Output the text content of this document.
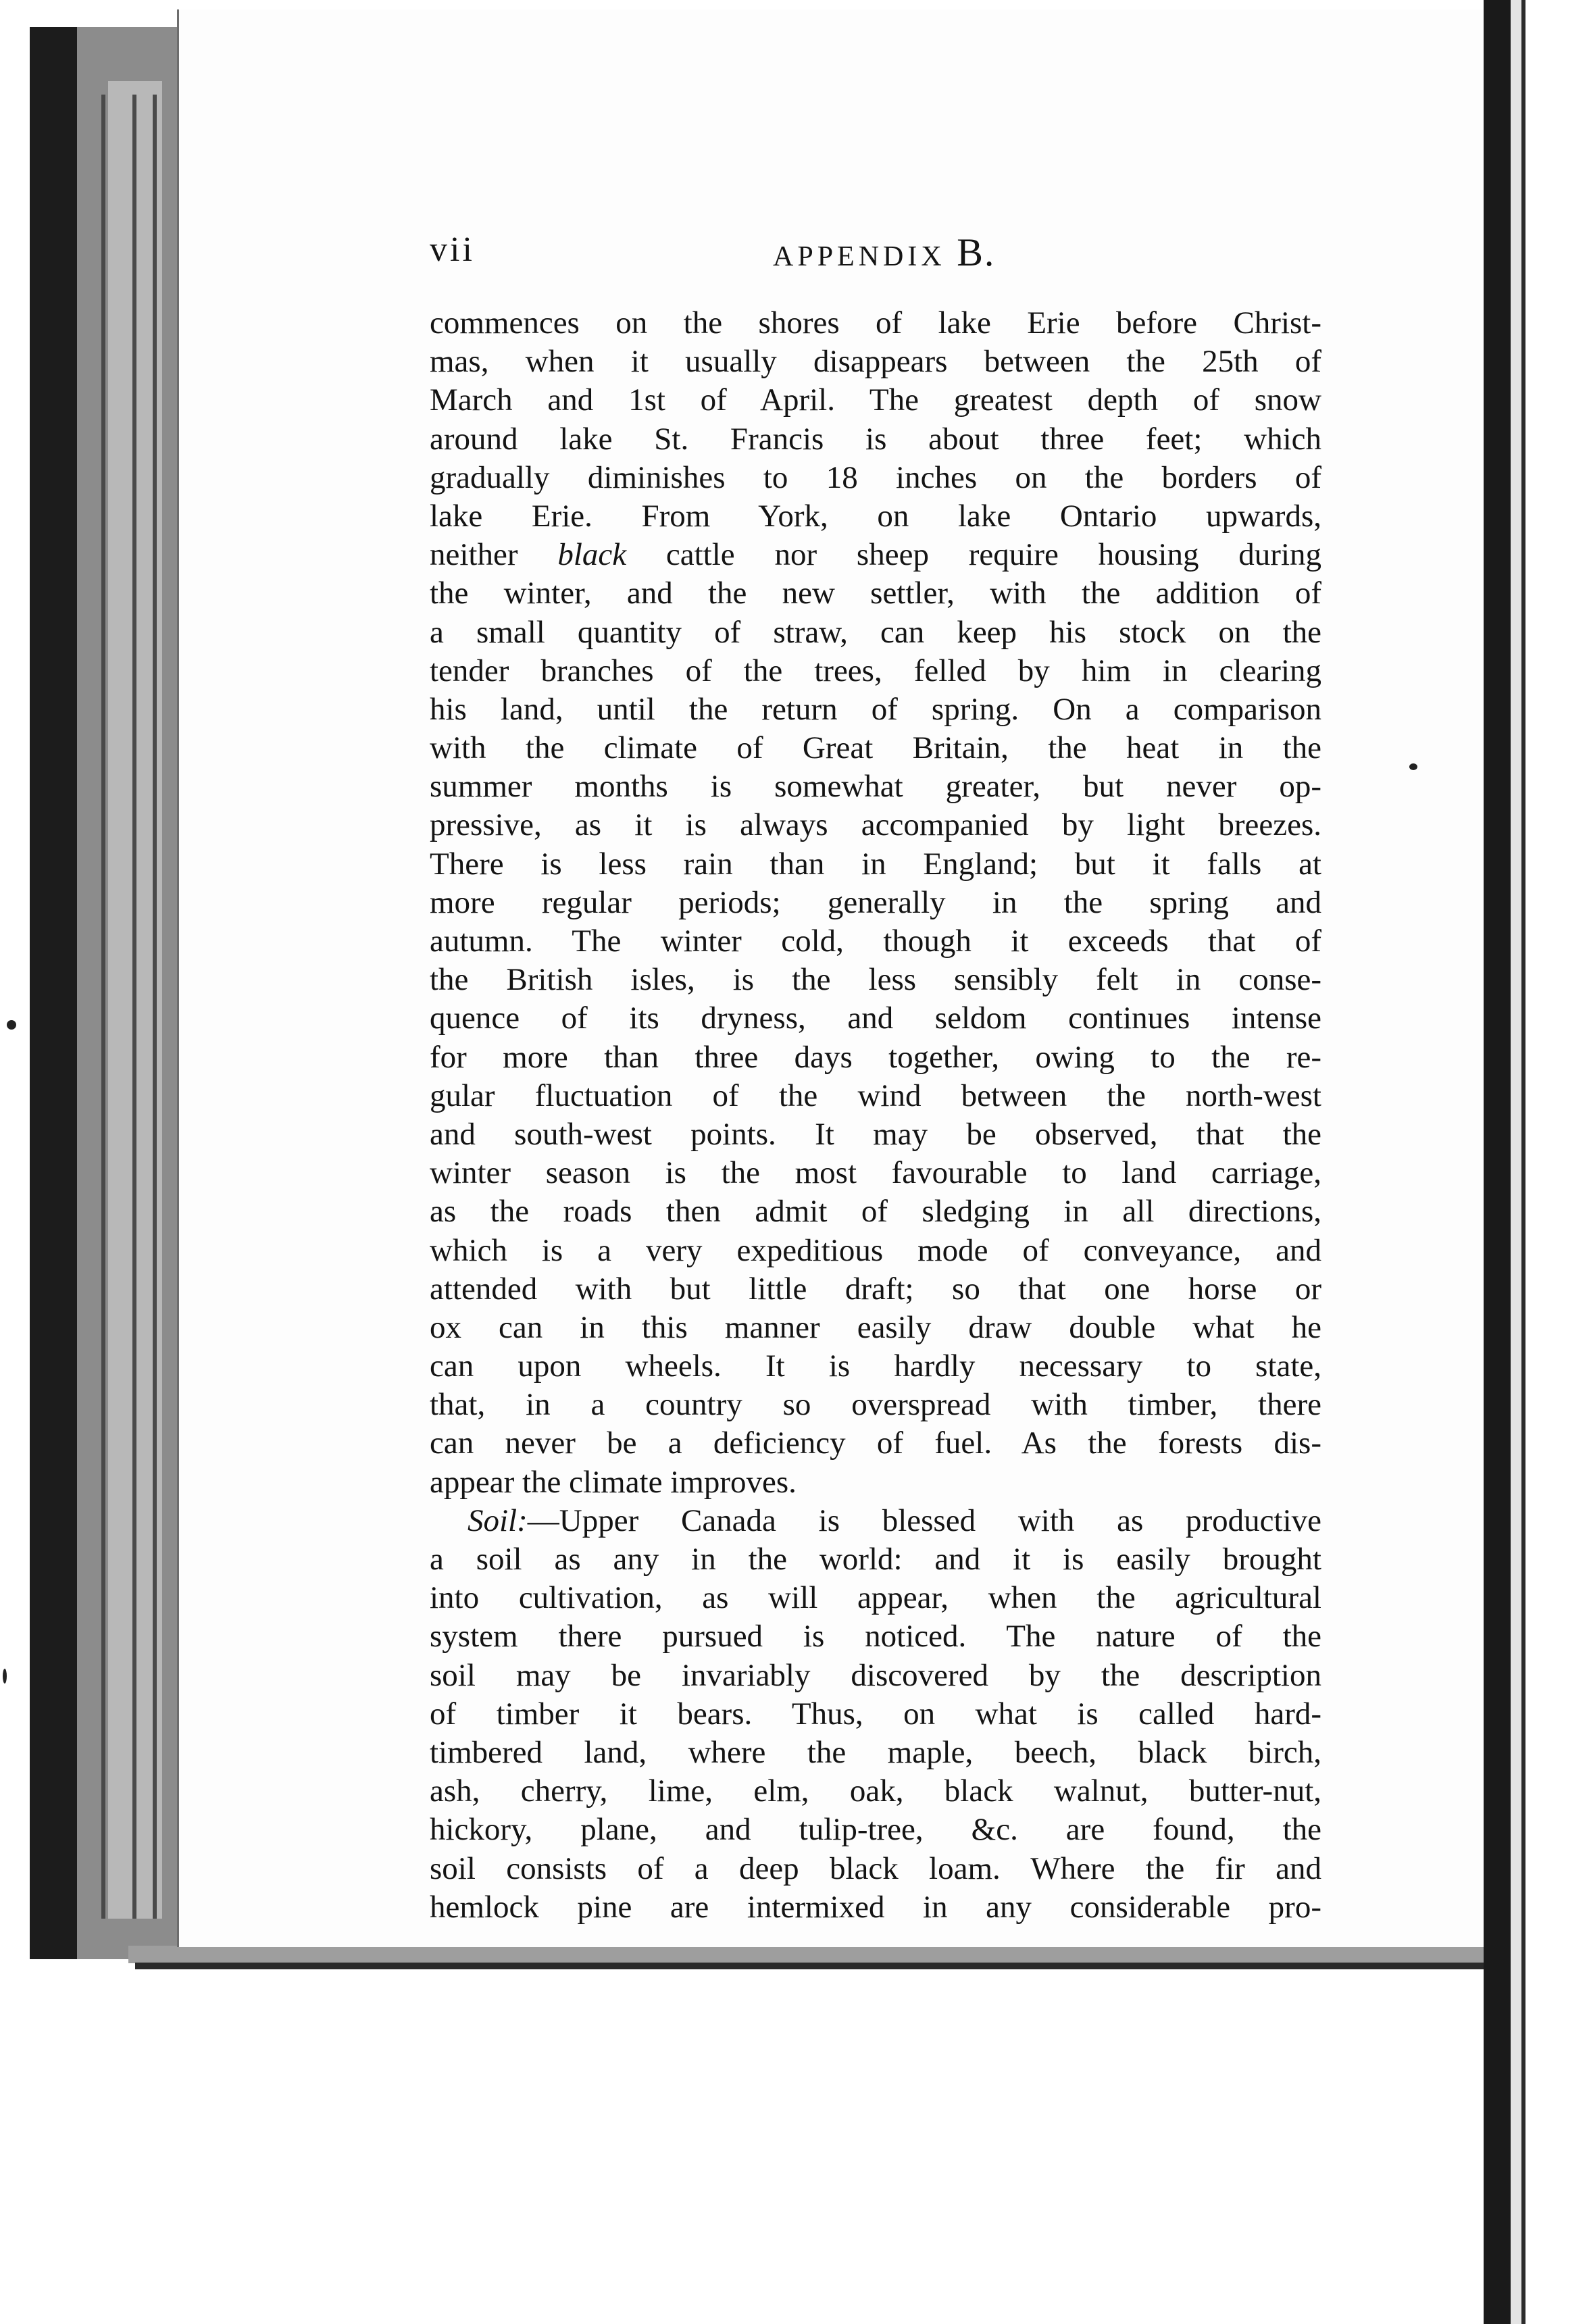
vii	APPENDIX B.
commences on the shores of lake Erie before Christ-
mas, when it usually disappears between the 25th of
March and 1st of April. The greatest depth of snow
around lake St. Francis is about three feet; which
gradually diminishes to 18 inches on the borders of
lake Erie. From York, on lake Ontario upwards,
neither black cattle nor sheep require housing during
the winter, and the new settler, with the addition of
a small quantity of straw, can keep his stock on the
tender branches of the trees, felled by him in clearing
his land, until the return of spring. On a comparison
with the climate of Great Britain, the heat in the
summer months is somewhat greater, but never op-
pressive, as it is always accompanied by light breezes.
There is less rain than in England; but it falls at
more regular periods; generally in the spring and
autumn. The winter cold, though it exceeds that of
the British isles, is the less sensibly felt in conse-
quence of its dryness, and seldom continues intense
for more than three days together, owing to the re-
gular fluctuation of the wind between the north-west
and south-west points. It may be observed, that the
winter season is the most favourable to land carriage,
as the roads then admit of sledging in all directions,
which is a very expeditious mode of conveyance, and
attended with but little draft; so that one horse or
ox can in this manner easily draw double what he
can upon wheels. It is hardly necessary to state,
that, in a country so overspread with timber, there
can never be a deficiency of fuel. As the forests dis-
appear the climate improves.
Soil:—Upper Canada is blessed with as productive
a soil as any in the world: and it is easily brought
into cultivation, as will appear, when the agricultural
system there pursued is noticed. The nature of the
soil may be invariably discovered by the description
of timber it bears. Thus, on what is called hard-
timbered land, where the maple, beech, black birch,
ash, cherry, lime, elm, oak, black walnut, butter-nut,
hickory, plane, and tulip-tree, &c. are found, the
soil consists of a deep black loam. Where the fir and
hemlock pine are intermixed in any considerable pro-
